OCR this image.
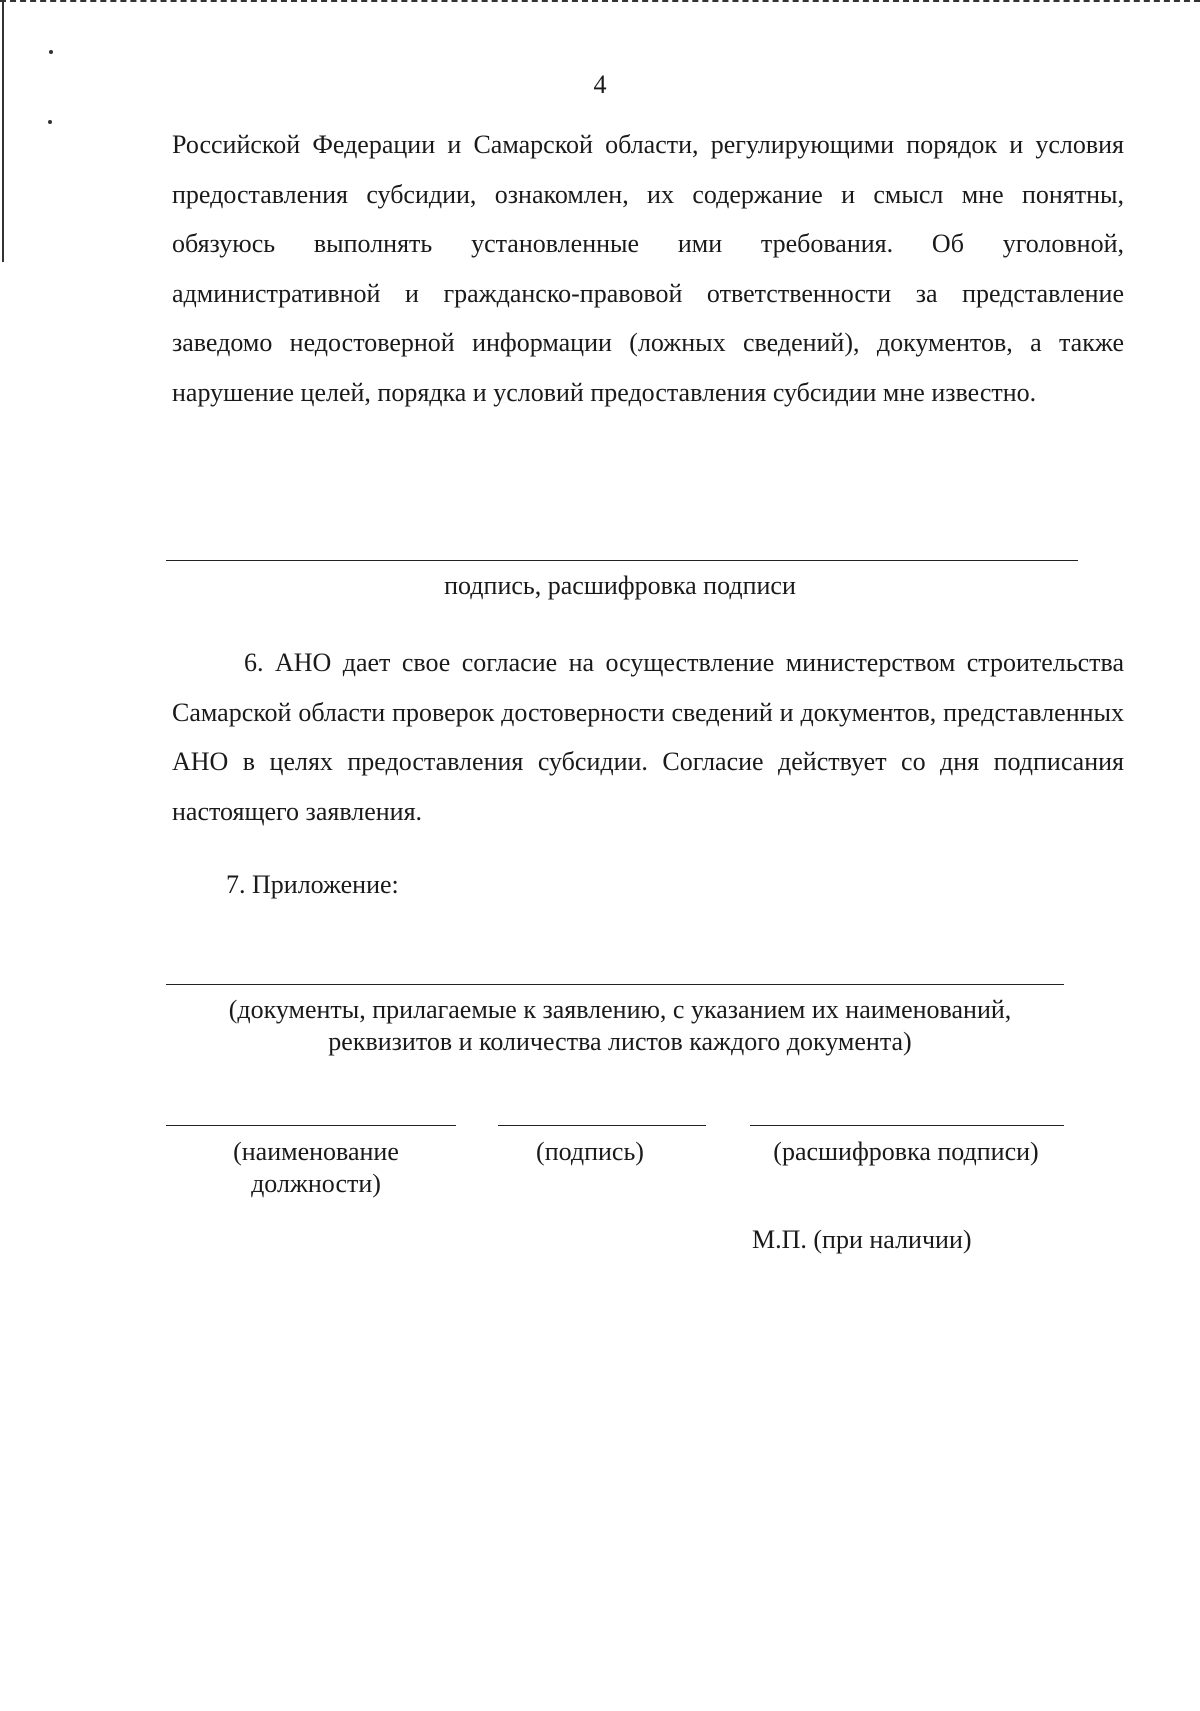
4

Российской Федерации и Самарской области, регулирующими порядок и условия предоставления субсидии, ознакомлен, их содержание и смысл мне понятны, обязуюсь выполнять установленные ими требования. Об уголовной, административной и гражданско-правовой ответственности за представление заведомо недостоверной информации (ложных сведений), документов, а также нарушение целей, порядка и условий предоставления субсидии мне известно.

подпись, расшифровка подписи

6. АНО дает свое согласие на осуществление министерством строительства Самарской области проверок достоверности сведений и документов, представленных АНО в целях предоставления субсидии. Согласие действует со дня подписания настоящего заявления.

7. Приложение:

(документы, прилагаемые к заявлению, с указанием их наименований,
реквизитов и количества листов каждого документа)
(наименование
должности)
(подпись)	(расшифровка подписи)
М.П. (при наличии)
